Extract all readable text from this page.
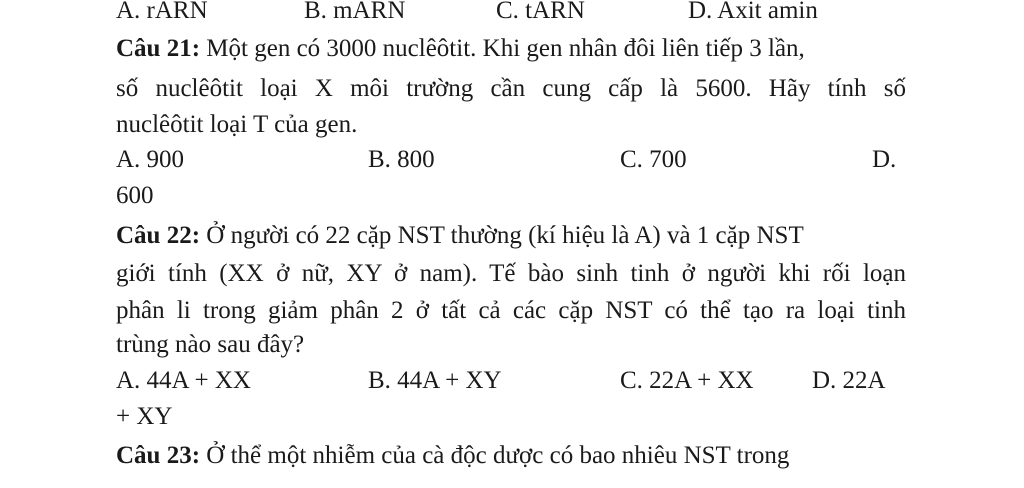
A. rARN	B. mARN	C. tARN	D. Axit amin
Câu 21: Một gen có 3000 nuclêôtit. Khi gen nhân đôi liên tiếp 3 lần,
số nuclêôtit loại X môi trường cần cung cấp là 5600. Hãy tính số
nuclêôtit loại T của gen.
A. 900	B. 800	C. 700	D.
600
Câu 22: Ở người có 22 cặp NST thường (kí hiệu là A) và 1 cặp NST
giới tính (XX ở nữ, XY ở nam). Tế bào sinh tinh ở người khi rối loạn
phân li trong giảm phân 2 ở tất cả các cặp NST có thể tạo ra loại tinh
trùng nào sau đây?
A. 44A + XX	B. 44A + XY	C. 22A + XX D. 22A
+ XY
Câu 23: Ở thể một nhiễm của cà độc dược có bao nhiêu NST trong
